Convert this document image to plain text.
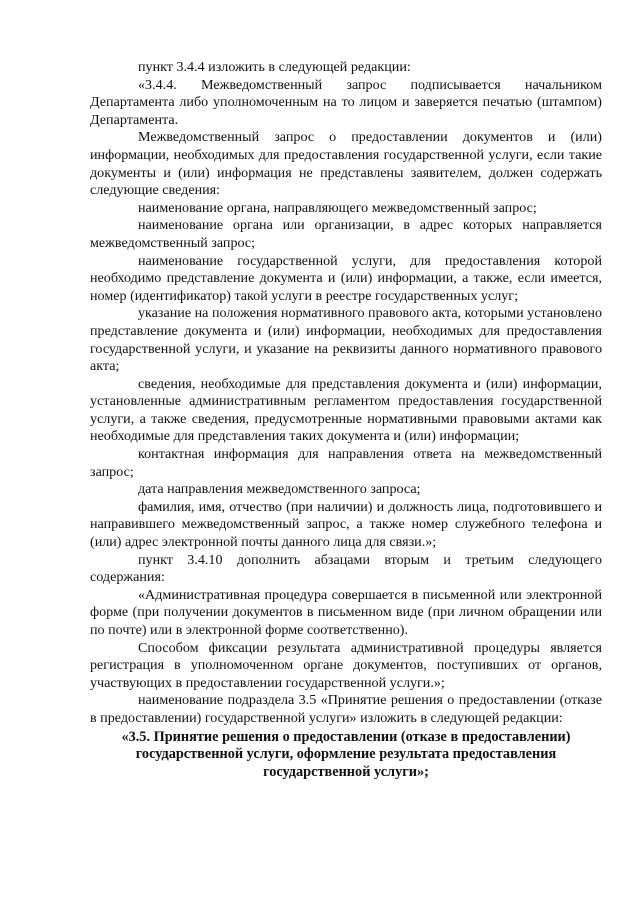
пункт 3.4.4 изложить в следующей редакции:

«3.4.4. Межведомственный запрос подписывается начальником Департамента либо уполномоченным на то лицом и заверяется печатью (штампом) Департамента.

Межведомственный запрос о предоставлении документов и (или) информации, необходимых для предоставления государственной услуги, если такие документы и (или) информация не представлены заявителем, должен содержать следующие сведения:

наименование органа, направляющего межведомственный запрос;

наименование органа или организации, в адрес которых направляется межведомственный запрос;

наименование государственной услуги, для предоставления которой необходимо представление документа и (или) информации, а также, если имеется, номер (идентификатор) такой услуги в реестре государственных услуг;

указание на положения нормативного правового акта, которыми установлено представление документа и (или) информации, необходимых для предоставления государственной услуги, и указание на реквизиты данного нормативного правового акта;

сведения, необходимые для представления документа и (или) информации, установленные административным регламентом предоставления государственной услуги, а также сведения, предусмотренные нормативными правовыми актами как необходимые для представления таких документа и (или) информации;

контактная информация для направления ответа на межведомственный запрос;

дата направления межведомственного запроса;

фамилия, имя, отчество (при наличии) и должность лица, подготовившего и направившего межведомственный запрос, а также номер служебного телефона и (или) адрес электронной почты данного лица для связи.»;

пункт 3.4.10 дополнить абзацами вторым и третьим следующего содержания:

«Административная процедура совершается в письменной или электронной форме (при получении документов в письменном виде (при личном обращении или по почте) или в электронной форме соответственно).

Способом фиксации результата административной процедуры является регистрация в уполномоченном органе документов, поступивших от органов, участвующих в предоставлении государственной услуги.»;

наименование подраздела 3.5 «Принятие решения о предоставлении (отказе в предоставлении) государственной услуги» изложить в следующей редакции:

«3.5. Принятие решения о предоставлении (отказе в предоставлении) государственной услуги, оформление результата предоставления государственной услуги»;
